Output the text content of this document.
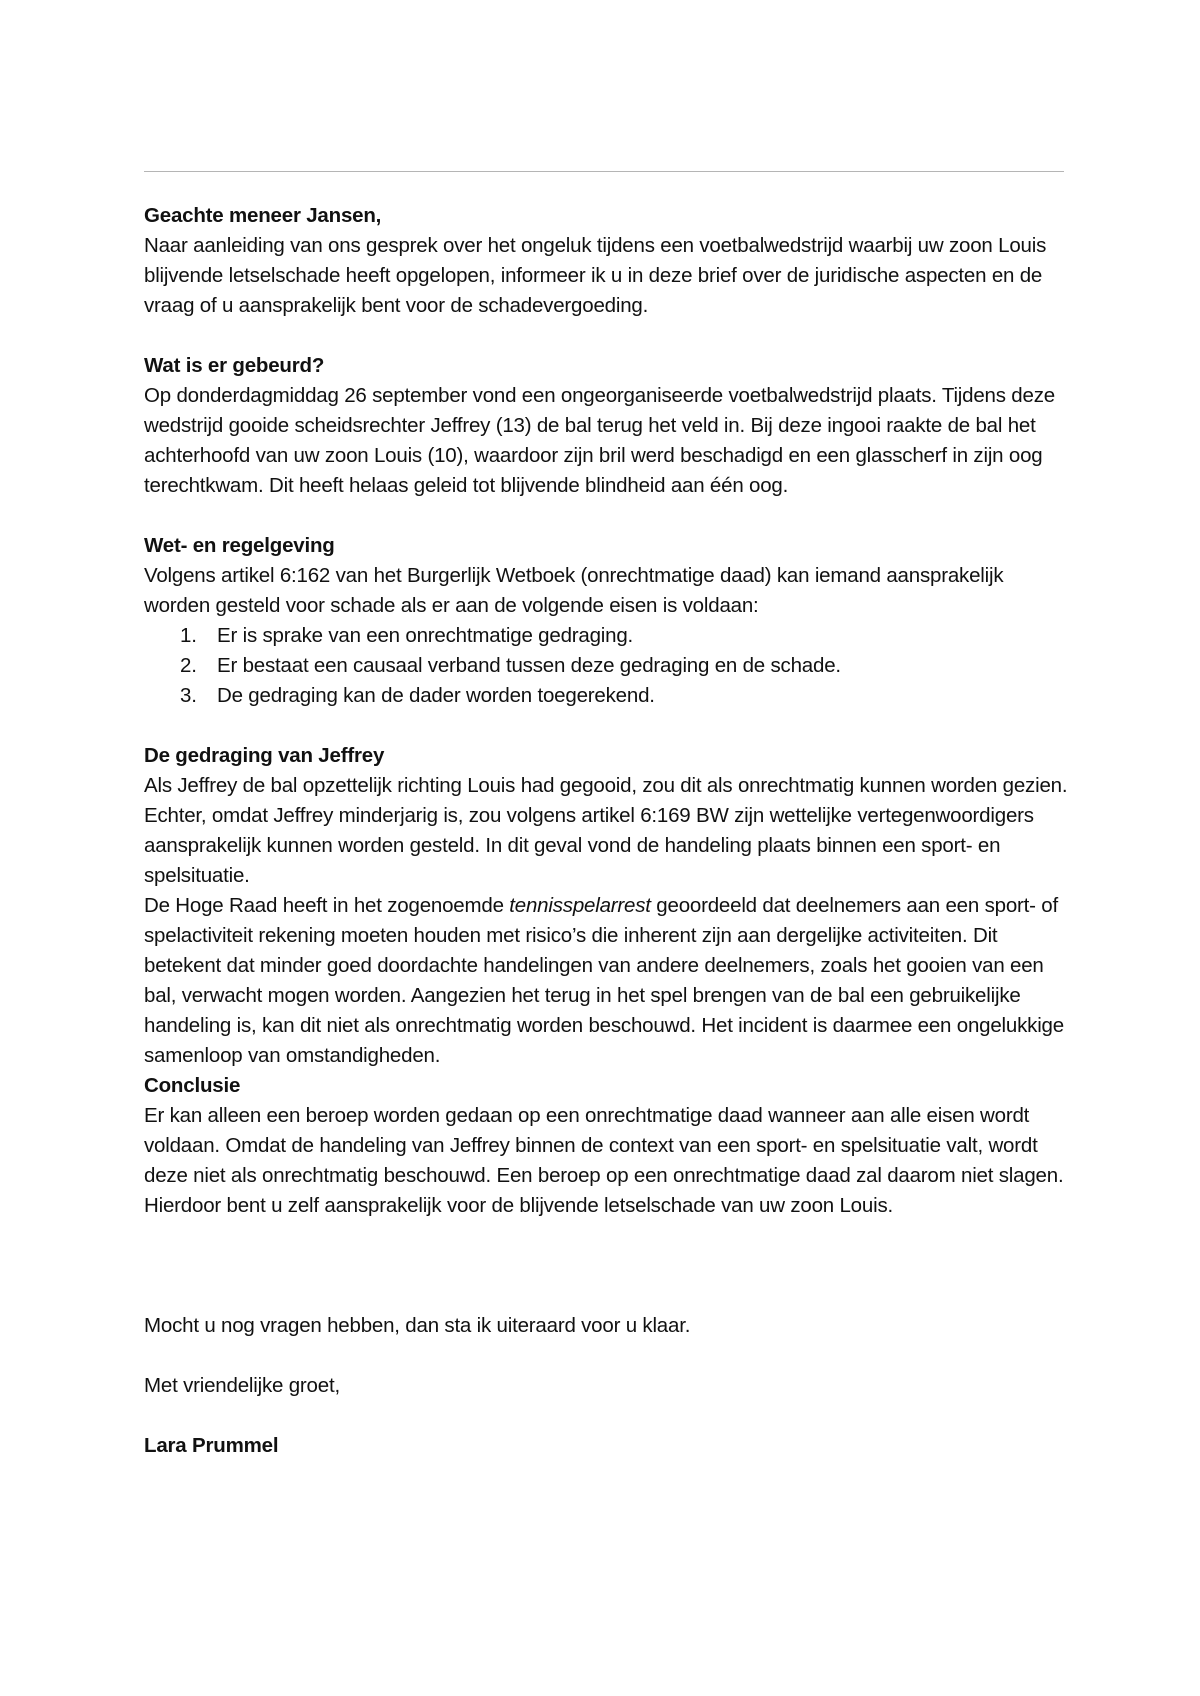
Geachte meneer Jansen,

Naar aanleiding van ons gesprek over het ongeluk tijdens een voetbalwedstrijd waarbij uw zoon Louis blijvende letselschade heeft opgelopen, informeer ik u in deze brief over de juridische aspecten en de vraag of u aansprakelijk bent voor de schadevergoeding.

Wat is er gebeurd?

Op donderdagmiddag 26 september vond een ongeorganiseerde voetbalwedstrijd plaats. Tijdens deze wedstrijd gooide scheidsrechter Jeffrey (13) de bal terug het veld in. Bij deze ingooi raakte de bal het achterhoofd van uw zoon Louis (10), waardoor zijn bril werd beschadigd en een glasscherf in zijn oog terechtkwam. Dit heeft helaas geleid tot blijvende blindheid aan één oog.

Wet- en regelgeving

Volgens artikel 6:162 van het Burgerlijk Wetboek (onrechtmatige daad) kan iemand aansprakelijk worden gesteld voor schade als er aan de volgende eisen is voldaan:

1. Er is sprake van een onrechtmatige gedraging.
2. Er bestaat een causaal verband tussen deze gedraging en de schade.
3. De gedraging kan de dader worden toegerekend.

De gedraging van Jeffrey

Als Jeffrey de bal opzettelijk richting Louis had gegooid, zou dit als onrechtmatig kunnen worden gezien. Echter, omdat Jeffrey minderjarig is, zou volgens artikel 6:169 BW zijn wettelijke vertegenwoordigers aansprakelijk kunnen worden gesteld. In dit geval vond de handeling plaats binnen een sport- en spelsituatie.

De Hoge Raad heeft in het zogenoemde tennisspelarrest geoordeeld dat deelnemers aan een sport- of spelactiviteit rekening moeten houden met risico’s die inherent zijn aan dergelijke activiteiten. Dit betekent dat minder goed doordachte handelingen van andere deelnemers, zoals het gooien van een bal, verwacht mogen worden. Aangezien het terug in het spel brengen van de bal een gebruikelijke handeling is, kan dit niet als onrechtmatig worden beschouwd. Het incident is daarmee een ongelukkige samenloop van omstandigheden.

Conclusie

Er kan alleen een beroep worden gedaan op een onrechtmatige daad wanneer aan alle eisen wordt voldaan. Omdat de handeling van Jeffrey binnen de context van een sport- en spelsituatie valt, wordt deze niet als onrechtmatig beschouwd. Een beroep op een onrechtmatige daad zal daarom niet slagen. Hierdoor bent u zelf aansprakelijk voor de blijvende letselschade van uw zoon Louis.

Mocht u nog vragen hebben, dan sta ik uiteraard voor u klaar.

Met vriendelijke groet,

Lara Prummel
